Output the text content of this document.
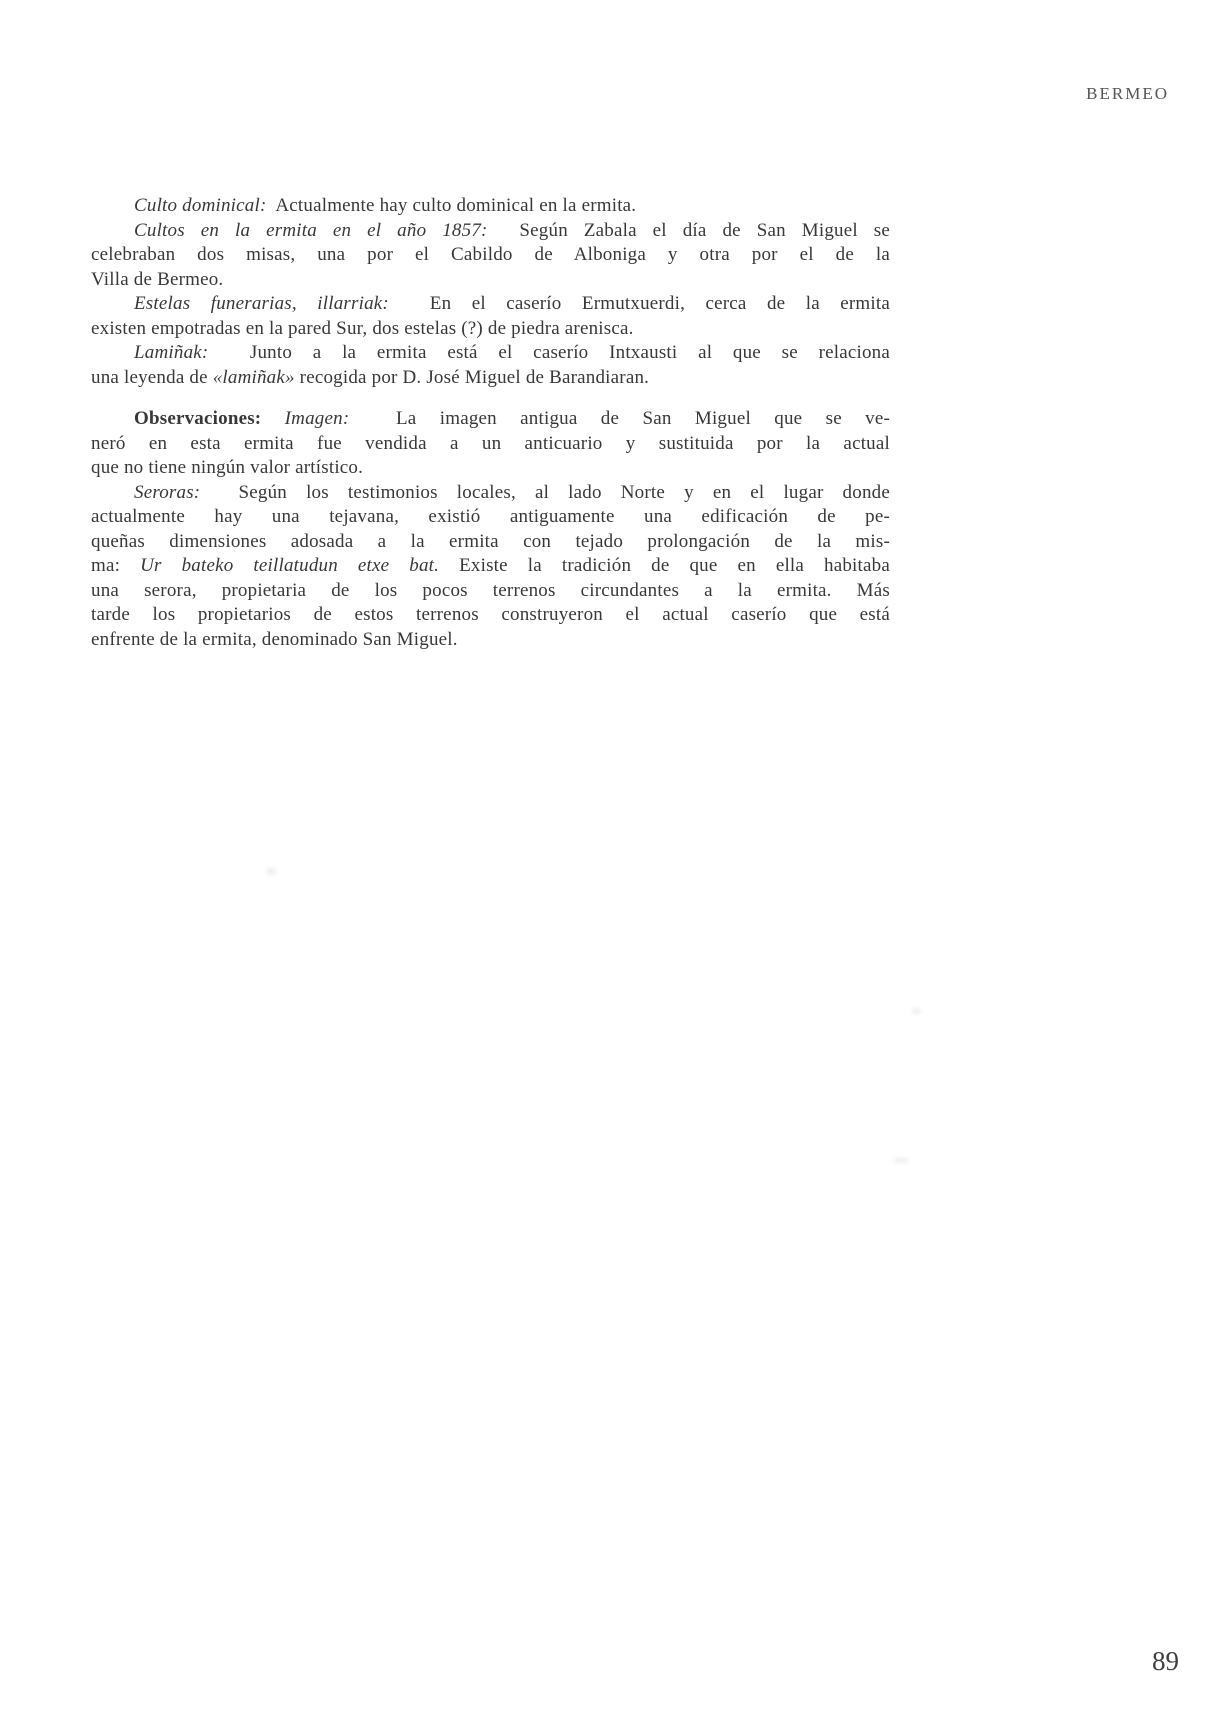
BERMEO
Culto dominical:  Actualmente hay culto dominical en la ermita.
Cultos en la ermita en el año 1857:  Según Zabala el día de San Miguel se
celebraban dos misas, una por el Cabildo de Alboniga y otra por el de la
Villa de Bermeo.
Estelas funerarias, illarriak:  En el caserío Ermutxuerdi, cerca de la ermita
existen empotradas en la pared Sur, dos estelas (?) de piedra arenisca.
Lamiñak:  Junto a la ermita está el caserío Intxausti al que se relaciona
una leyenda de «lamiñak» recogida por D. José Miguel de Barandiaran.
Observaciones: Imagen:  La imagen antigua de San Miguel que se ve-
neró en esta ermita fue vendida a un anticuario y sustituida por la actual
que no tiene ningún valor artístico.
Seroras:  Según los testimonios locales, al lado Norte y en el lugar donde
actualmente hay una tejavana, existió antiguamente una edificación de pe-
queñas dimensiones adosada a la ermita con tejado prolongación de la mis-
ma: Ur bateko teillatudun etxe bat. Existe la tradición de que en ella habitaba
una serora, propietaria de los pocos terrenos circundantes a la ermita. Más
tarde los propietarios de estos terrenos construyeron el actual caserío que está
enfrente de la ermita, denominado San Miguel.
89
